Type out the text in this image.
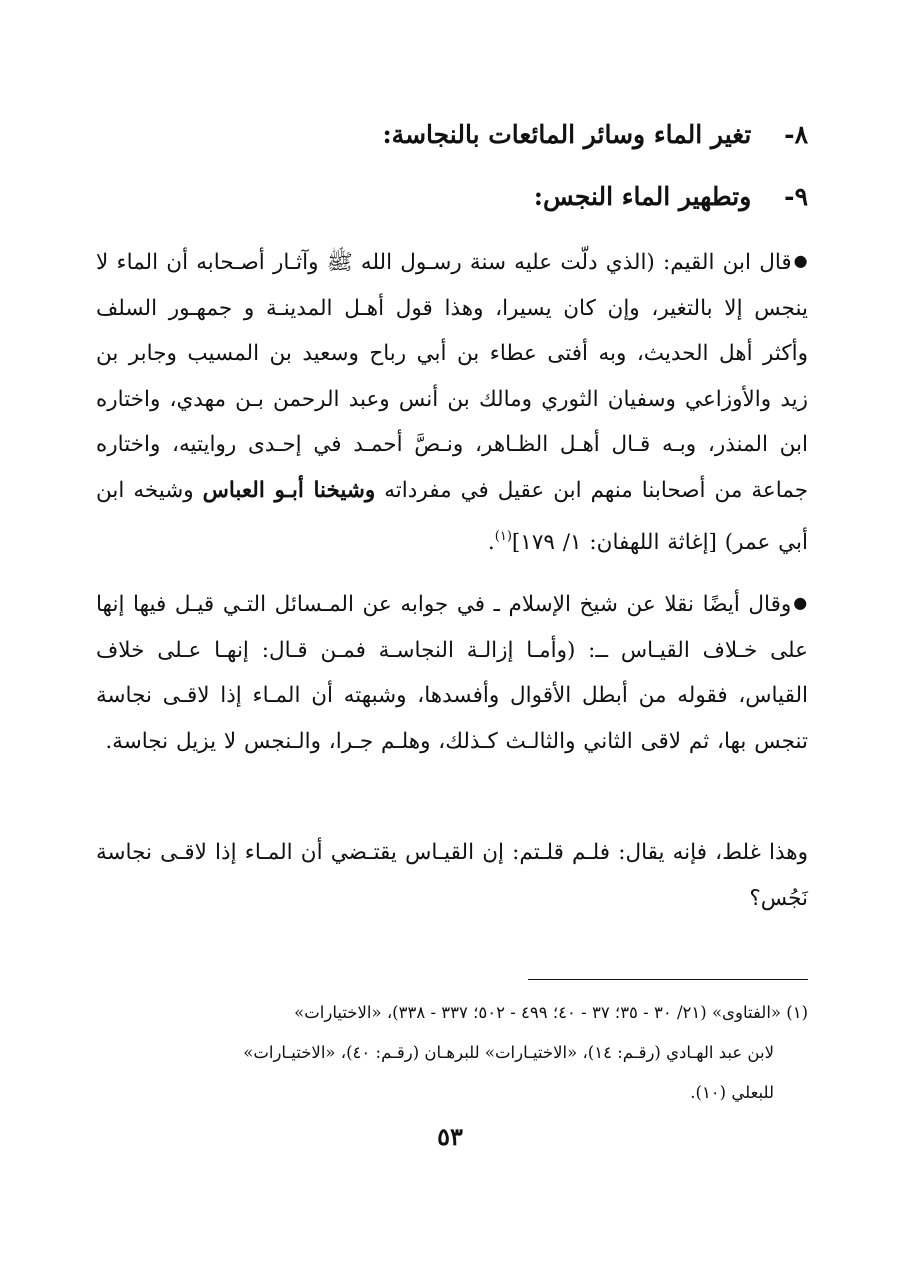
٨- تغير الماء وسائر المائعات بالنجاسة:
٩- وتطهير الماء النجس:
●قال ابن القيم: (الذي دلّت عليه سنة رسـول الله ﷺ وآثـار أصـحابه أن الماء لا ينجس إلا بالتغير، وإن كان يسيرا، وهذا قول أهـل المدينـة و جمهـور السلف وأكثر أهل الحديث، وبه أفتى عطاء بن أبي رباح وسعيد بن المسيب وجابر بن زيد والأوزاعي وسفيان الثوري ومالك بن أنس وعبد الرحمن بـن مهدي، واختاره ابن المنذر، وبـه قـال أهـل الظـاهر، ونـصَّ أحمـد في إحـدى روايتيه، واختاره جماعة من أصحابنا منهم ابن عقيل في مفرداته وشيخنا أبـو العباس وشيخه ابن أبي عمر) [إغاثة اللهفان: ١/ ١٧٩]$^{(١)}$.
●وقال أيضًا نقلا عن شيخ الإسلام ـ في جوابه عن المـسائل التـي قيـل فيها إنها على خـلاف القيـاس ــ: (وأمـا إزالـة النجاسـة فمـن قـال: إنهـا عـلى خلاف القياس، فقوله من أبطل الأقوال وأفسدها، وشبهته أن المـاء إذا لاقـى نجاسة تنجس بها، ثم لاقى الثاني والثالـث كـذلك، وهلـم جـرا، والـنجس لا يزيل نجاسة.
وهذا غلط، فإنه يقال: فلـم قلـتم: إن القيـاس يقتـضي أن المـاء إذا لاقـى نجاسة نَجُس؟
(١) «الفتاوى» (٢١/ ٣٠ - ٣٥؛ ٣٧ - ٤٠؛ ٤٩٩ - ٥٠٢؛ ٣٣٧ - ٣٣٨)، «الاختيارات»
لابن عبد الهـادي (رقـم: ١٤)، «الاختيـارات» للبرهـان (رقـم: ٤٠)، «الاختيـارات»
للبعلي (١٠).
٥٣
